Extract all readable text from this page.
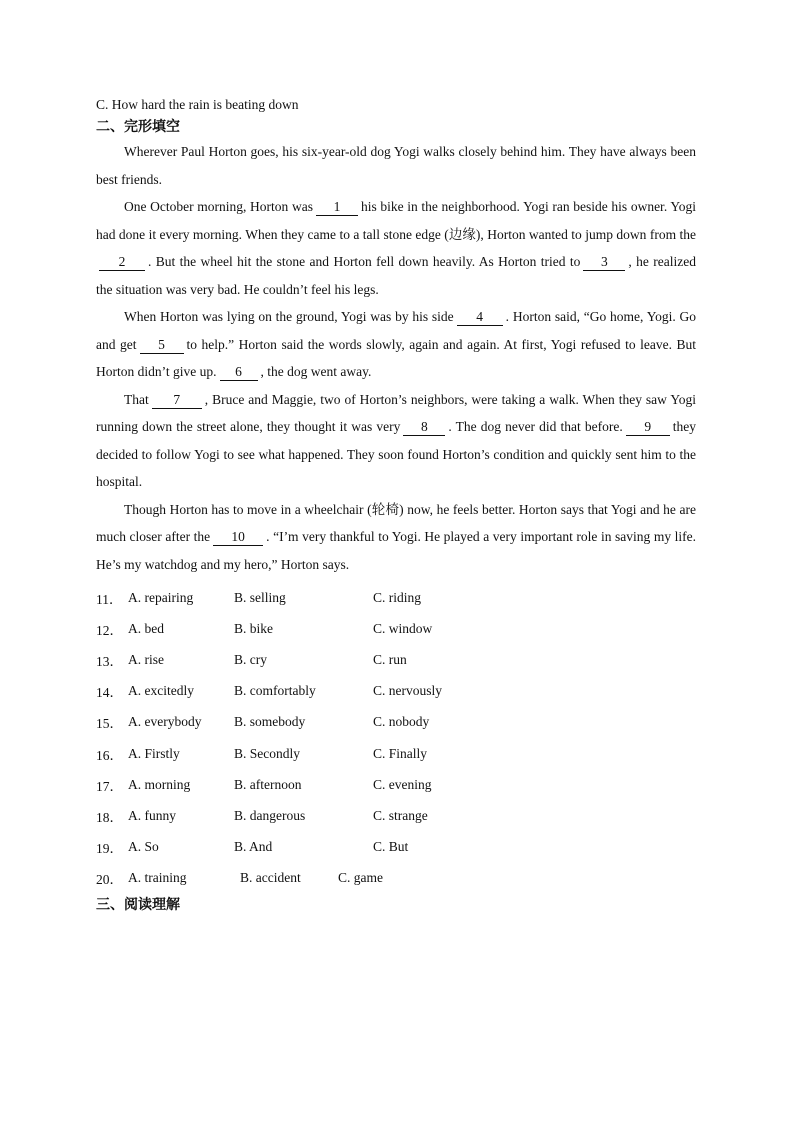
C. How hard the rain is beating down
二、完形填空

Wherever Paul Horton goes, his six-year-old dog Yogi walks closely behind him. They have always been best friends.

One October morning, Horton was 1 his bike in the neighborhood. Yogi ran beside his owner. Yogi had done it every morning. When they came to a tall stone edge (边缘), Horton wanted to jump down from the2 . But the wheel hit the stone and Horton fell down heavily. As Horton tried to 3 , he realized the situation was very bad. He couldn’t feel his legs.

When Horton was lying on the ground, Yogi was by his side 4 . Horton said, “Go home, Yogi. Go and get 5 to help.” Horton said the words slowly, again and again. At first, Yogi refused to leave. But Horton didn’t give up. 6 , the dog went away.

That 7 , Bruce and Maggie, two of Horton’s neighbors, were taking a walk. When they saw Yogi running down the street alone, they thought it was very 8 . The dog never did that before. 9 they decided to follow Yogi to see what happened. They soon found Horton’s condition and quickly sent him to the hospital.

Though Horton has to move in a wheelchair (轮椅) now, he feels better. Horton says that Yogi and he are much closer after the 10 . “I’m very thankful to Yogi. He played a very important role in saving my life. He’s my watchdog and my hero,” Horton says.

11． A. repairing	B. selling	C. riding
12． A. bed	B. bike	C. window
13． A. rise	B. cry	C. run
14． A. excitedly	B. comfortably	C. nervously
15． A. everybody	B. somebody	C. nobody
16． A. Firstly	B. Secondly	C. Finally
17． A. morning	B. afternoon	C. evening
18． A. funny	B. dangerous	C. strange
19． A. So	B. And	C. But
20． A. training	B. accident	C. game
三、阅读理解
